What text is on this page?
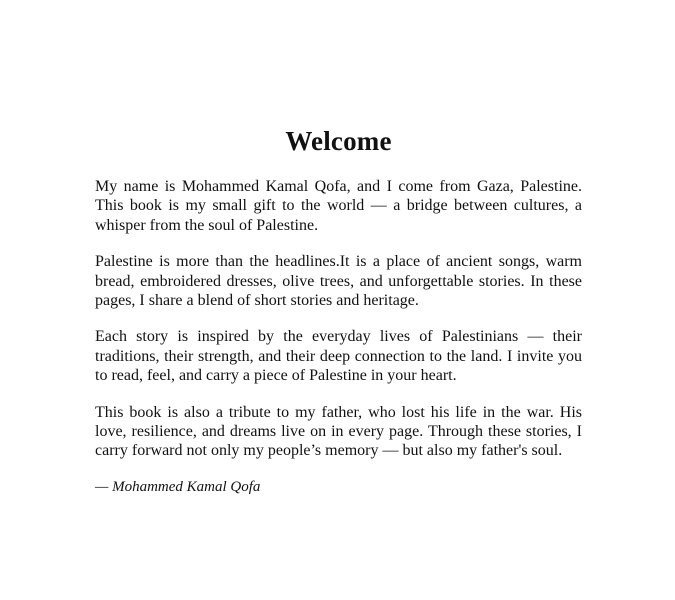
Welcome

My name is Mohammed Kamal Qofa, and I come from Gaza, Palestine. This book is my small gift to the world — a bridge between cultures, a whisper from the soul of Palestine.

Palestine is more than the headlines.It is a place of ancient songs, warm bread, embroidered dresses, olive trees, and unforgettable stories. In these pages, I share a blend of short stories and heritage.

Each story is inspired by the everyday lives of Palestinians — their traditions, their strength, and their deep connection to the land. I invite you to read, feel, and carry a piece of Palestine in your heart.

This book is also a tribute to my father, who lost his life in the war. His love, resilience, and dreams live on in every page. Through these stories, I carry forward not only my people’s memory — but also my father's soul.

— Mohammed Kamal Qofa
